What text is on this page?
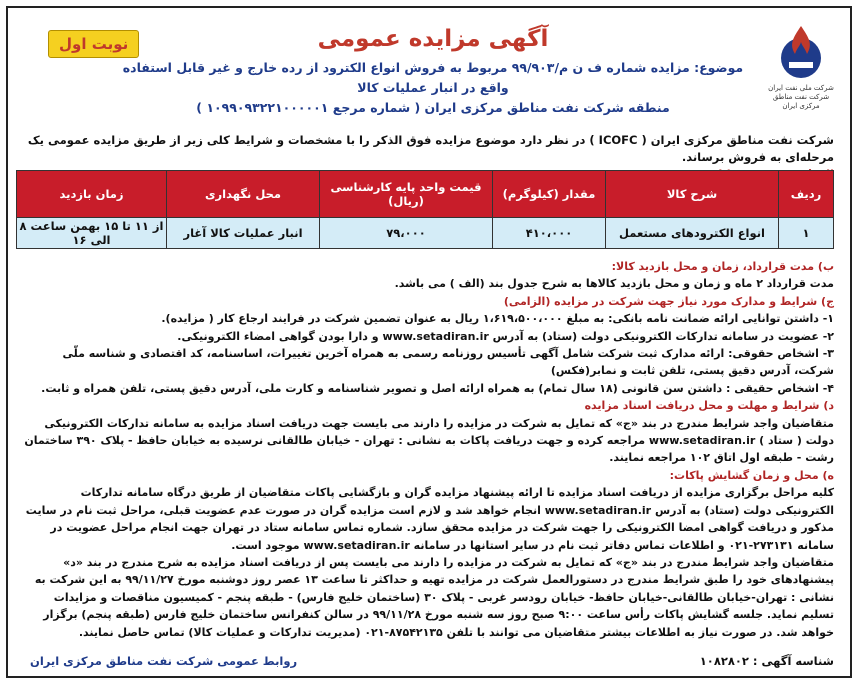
نوبت اول
شرکت ملی نفت ایران
شرکت نفت مناطق مرکزی ایران
آگهی مزایده عمومی
موضوع: مزایده شماره ف ن م/۹۹/۹۰۳ مربوط به فروش انواع الکترود از رده خارج و غیر قابل استفاده واقع در انبار عملیات کالا
منطقه شرکت نفت مناطق مرکزی ایران ( شماره مرجع ۱۰۹۹۰۹۳۲۲۱۰۰۰۰۰۱ )
شرکت نفت مناطق مرکزی ایران ( ICOFC ) در نظر دارد موضوع مزایده فوق الذکر را با مشخصات و شرایط کلی زیر از طریق مزایده عمومی یک مرحله‌ای به فروش برساند.
ردیف	شرح کالا	مقدار (کیلوگرم)	قیمت واحد پایه کارشناسی (ریال)	محل نگهداری	زمان بازدید
۱	انواع الکترودهای مستعمل	۴۱۰،۰۰۰	۷۹،۰۰۰	انبار عملیات کالا آغار	از ۱۱ تا ۱۵ بهمن ساعت ۸ الی ۱۶

ب) مدت قرارداد، زمان و محل بازدید کالا:

مدت قرارداد ۲ ماه و زمان و محل بازدید کالاها به شرح جدول بند (الف ) می باشد.

ج) شرایط و مدارک مورد نیاز جهت شرکت در مزایده (الزامی)

۱- داشتن توانایی ارائه ضمانت نامه بانکی: به مبلغ ۱،۶۱۹،۵۰۰،۰۰۰ ریال به عنوان تضمین شرکت در فرایند ارجاع کار ( مزایده).

۲- عضویت در سامانه تدارکات الکترونیکی دولت (ستاد) به آدرس www.setadiran.ir و دارا بودن گواهی امضاء الکترونیکی.

۳- اشخاص حقوقی: ارائه مدارک ثبت شرکت شامل آگهی تأسیس روزنامه رسمی به همراه آخرین تغییرات، اساسنامه، کد اقتصادی و شناسه ملّی شرکت، آدرس دقیق پستی، تلفن ثابت و نمابر(فکس)

۴- اشخاص حقیقی : داشتن سن قانونی (۱۸ سال تمام) به همراه ارائه اصل و تصویر شناسنامه و کارت ملی، آدرس دقیق پستی، تلفن همراه و ثابت.

د) شرایط و مهلت و محل دریافت اسناد مزایده

متقاضیان واجد شرایط مندرج در بند «ج» که تمایل به شرکت در مزایده را دارند می بایست جهت دریافت اسناد مزایده به سامانه تدارکات الکترونیکی دولت ( ستاد ) www.setadiran.ir مراجعه کرده و جهت دریافت پاکات به نشانی : تهران - خیابان طالقانی نرسیده به خیابان حافظ - پلاک ۳۹۰ ساختمان رشت - طبقه اول اتاق ۱۰۲ مراجعه نمایند.

ه) محل و زمان گشایش پاکات:

کلیه مراحل برگزاری مزایده از دریافت اسناد مزایده تا ارائه پیشنهاد مزایده گران و بازگشایی پاکات متقاضیان از طریق درگاه سامانه تدارکات الکترونیکی دولت (ستاد) به آدرس www.setadiran.ir انجام خواهد شد و لازم است مزایده گران در صورت عدم عضویت قبلی، مراحل ثبت نام در سایت مذکور و دریافت گواهی امضا الکترونیکی را جهت شرکت در مزایده محقق سازد. شماره تماس سامانه ستاد در تهران جهت انجام مراحل عضویت در سامانه ۲۷۳۱۳۱-۰۲۱ و اطلاعات تماس دفاتر ثبت نام در سایر استانها در سامانه www.setadiran.ir موجود است.

متقاضیان واجد شرایط مندرج در بند «ج» که تمایل به شرکت در مزایده را دارند می بایست پس از دریافت اسناد مزایده به شرح مندرج در بند «د» پیشنهادهای خود را طبق شرایط مندرج در دستورالعمل شرکت در مزایده تهیه و حداکثر تا ساعت ۱۳ عصر روز دوشنبه مورخ ۹۹/۱۱/۲۷ به این شرکت به نشانی : تهران-خیابان طالقانی-خیابان حافظ- خیابان رودسر غربی - پلاک ۳۰ (ساختمان خلیج فارس) - طبقه پنجم - کمیسیون مناقصات و مزایدات تسلیم نماید. جلسه گشایش پاکات رأس ساعت ۹:۰۰ صبح روز سه شنبه مورخ ۹۹/۱۱/۲۸ در سالن کنفرانس ساختمان خلیج فارس (طبقه پنجم) برگزار خواهد شد. در صورت نیاز به اطلاعات بیشتر متقاضیان می توانند با تلفن ۸۷۵۴۲۱۳۵-۰۲۱ (مدیریت تدارکات و عملیات کالا) تماس حاصل نمایند.

شناسه آگهی : ۱۰۸۲۸۰۲
روابط عمومی شرکت نفت مناطق مرکزی ایران
